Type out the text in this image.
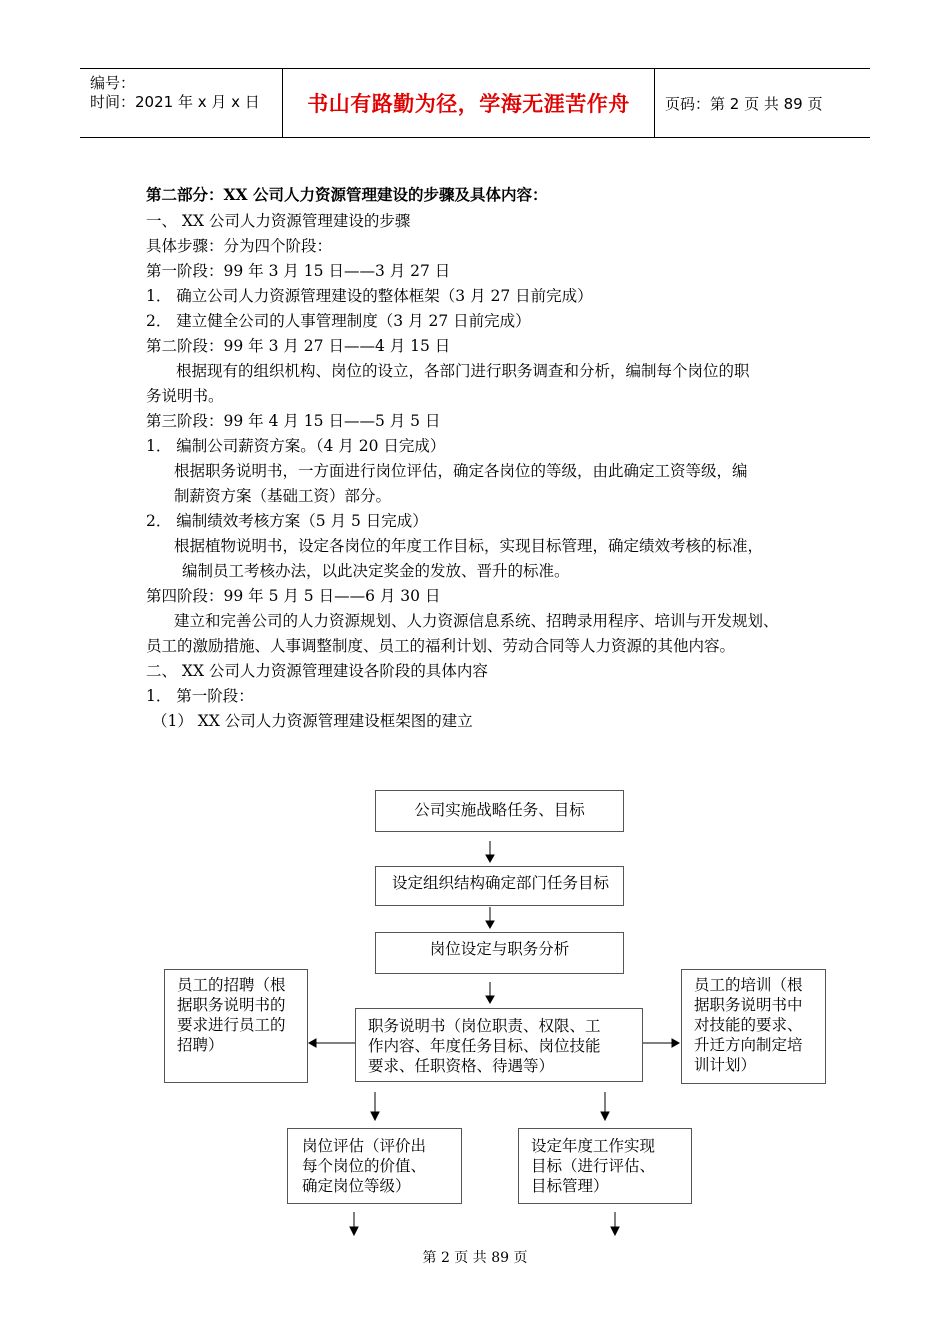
编号：
时间：2021 年 x 月 x 日	书山有路勤为径，学海无涯苦作舟	页码：第 2 页 共 89 页
第二部分：XX 公司人力资源管理建设的步骤及具体内容：
一、 XX 公司人力资源管理建设的步骤
具体步骤：分为四个阶段：
第一阶段：99 年 3 月 15 日——3 月 27 日
1． 确立公司人力资源管理建设的整体框架（3 月 27 日前完成）
2． 建立健全公司的人事管理制度（3 月 27 日前完成）
第二阶段：99 年 3 月 27 日——4 月 15 日
根据现有的组织机构、岗位的设立，各部门进行职务调查和分析，编制每个岗位的职
务说明书。
第三阶段：99 年 4 月 15 日——5 月 5 日
1． 编制公司薪资方案。（4 月 20 日完成）
根据职务说明书，一方面进行岗位评估，确定各岗位的等级，由此确定工资等级，编
制薪资方案（基础工资）部分。
2． 编制绩效考核方案（5 月 5 日完成）
根据植物说明书，设定各岗位的年度工作目标，实现目标管理，确定绩效考核的标准，
编制员工考核办法，以此决定奖金的发放、晋升的标准。
第四阶段：99 年 5 月 5 日——6 月 30 日
建立和完善公司的人力资源规划、人力资源信息系统、招聘录用程序、培训与开发规划、
员工的激励措施、人事调整制度、员工的福利计划、劳动合同等人力资源的其他内容。
二、 XX 公司人力资源管理建设各阶段的具体内容
1． 第一阶段：
（1） XX 公司人力资源管理建设框架图的建立
公司实施战略任务、目标
设定组织结构确定部门任务目标
岗位设定与职务分析
员工的招聘（根
据职务说明书的
要求进行员工的
招聘）
职务说明书（岗位职责、权限、工
作内容、年度任务目标、岗位技能
要求、任职资格、待遇等）
员工的培训（根
据职务说明书中
对技能的要求、
升迁方向制定培
训计划）
岗位评估（评价出
每个岗位的价值、
确定岗位等级）
设定年度工作实现
目标（进行评估、
目标管理）
第 2 页 共 89 页
